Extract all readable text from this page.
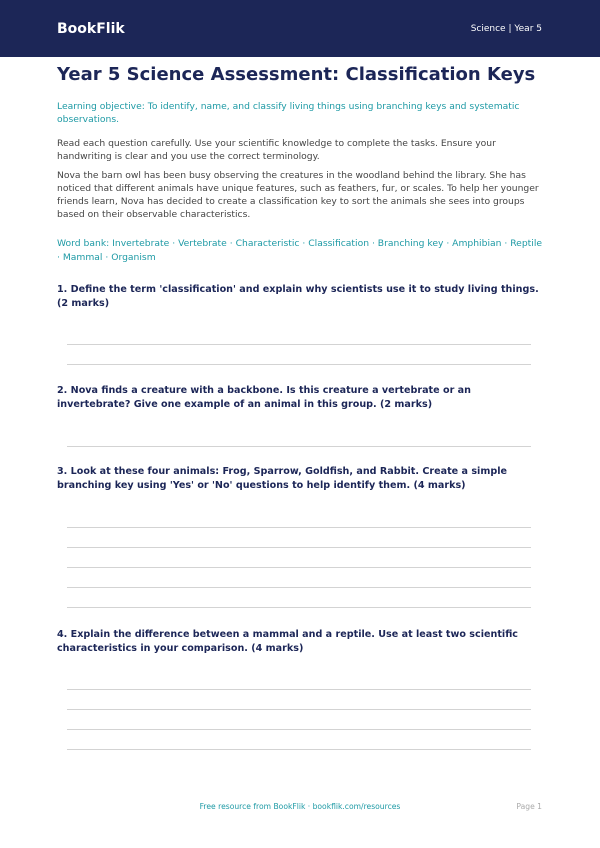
BookFlik	Science | Year 5
Year 5 Science Assessment: Classification Keys

Learning objective: To identify, name, and classify living things using branching keys and systematic observations.

Read each question carefully. Use your scientific knowledge to complete the tasks. Ensure your handwriting is clear and you use the correct terminology.

Nova the barn owl has been busy observing the creatures in the woodland behind the library. She has noticed that different animals have unique features, such as feathers, fur, or scales. To help her younger friends learn, Nova has decided to create a classification key to sort the animals she sees into groups based on their observable characteristics.

Word bank: Invertebrate · Vertebrate · Characteristic · Classification · Branching key · Amphibian · Reptile · Mammal · Organism

1. Define the term 'classification' and explain why scientists use it to study living things. (2 marks)

2. Nova finds a creature with a backbone. Is this creature a vertebrate or an invertebrate? Give one example of an animal in this group. (2 marks)

3. Look at these four animals: Frog, Sparrow, Goldfish, and Rabbit. Create a simple branching key using 'Yes' or 'No' questions to help identify them. (4 marks)

4. Explain the difference between a mammal and a reptile. Use at least two scientific characteristics in your comparison. (4 marks)

Free resource from BookFlik · bookflik.com/resources	Page 1
